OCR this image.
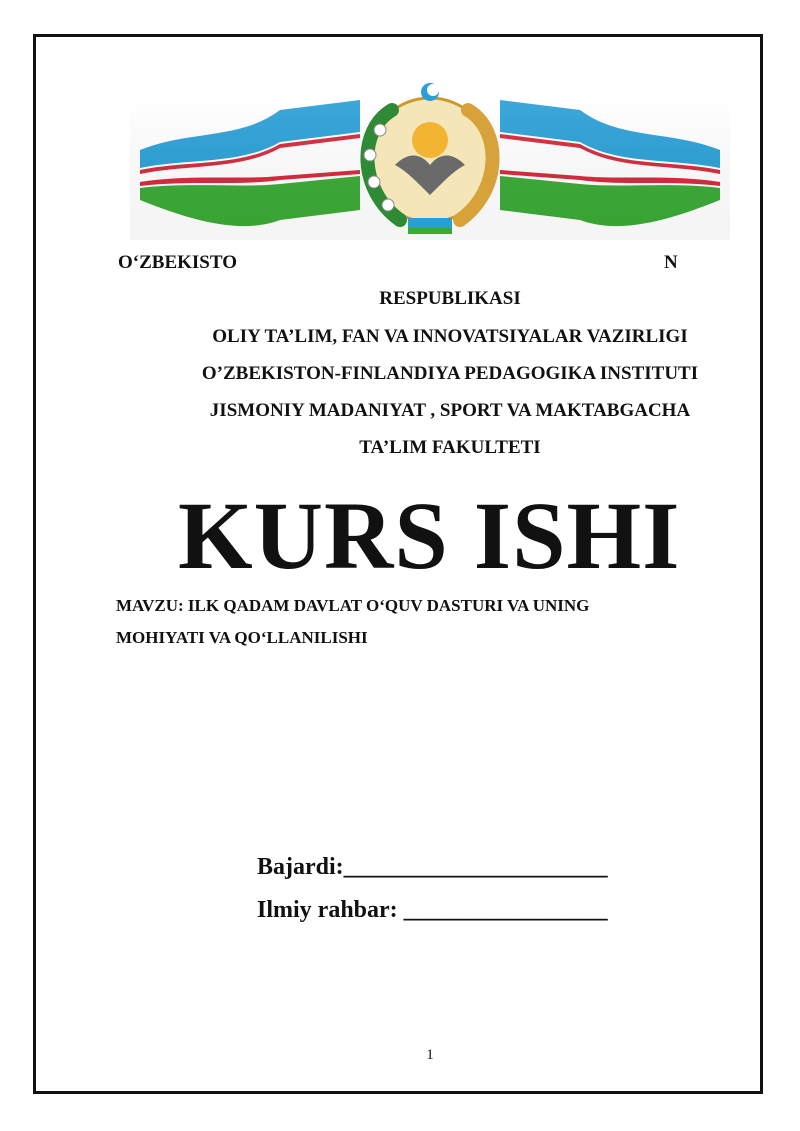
O‘ZBEKISTO	N
RESPUBLIKASI
OLIY TA’LIM, FAN VA INNOVATSIYALAR VAZIRLIGI
O’ZBEKISTON-FINLANDIYA PEDAGOGIKA INSTITUTI
JISMONIY MADANIYAT , SPORT VA MAKTABGACHA
TA’LIM FAKULTETI
KURS ISHI
MAVZU: ILK QADAM DAVLAT O‘QUV DASTURI VA UNING
MOHIYATI VA QO‘LLANILISHI
Bajardi:______________________
Ilmiy rahbar: _________________
1
